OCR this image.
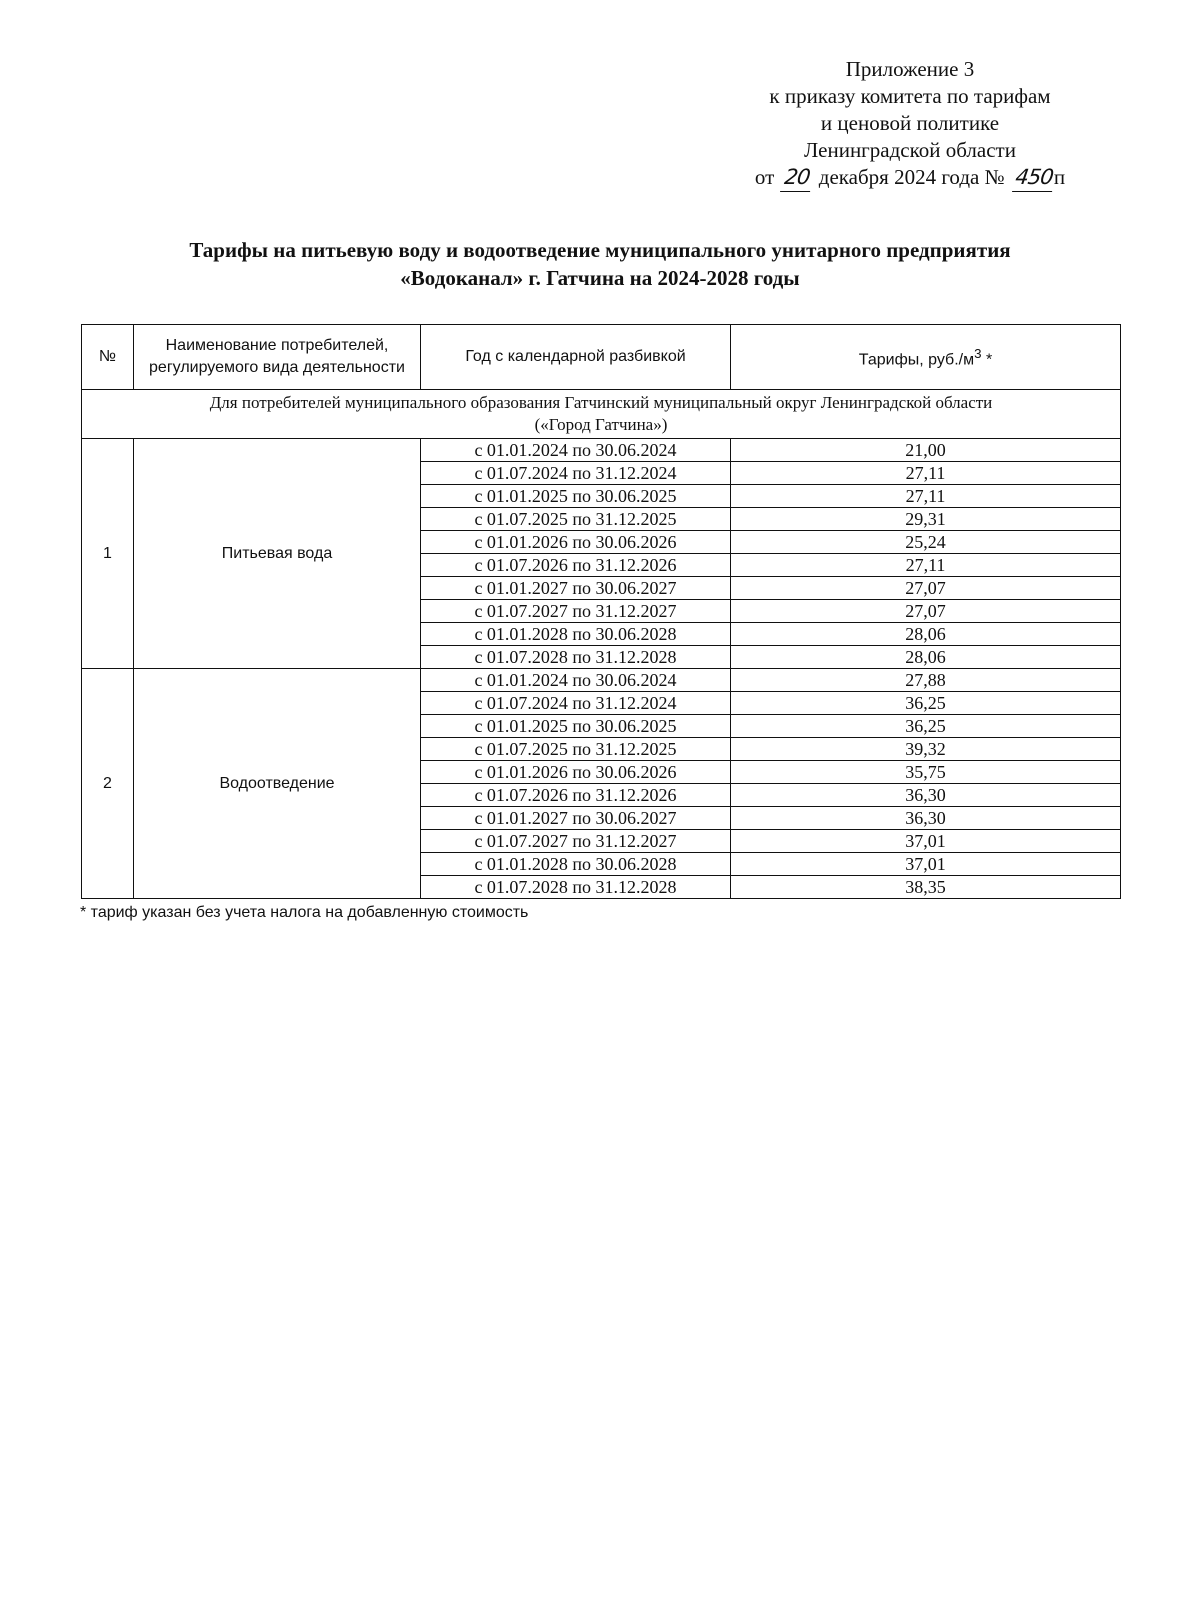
Приложение 3
к приказу комитета по тарифам
и ценовой политике
Ленинградской области
от 20 декабря 2024 года № 450п
Тарифы на питьевую воду и водоотведение муниципального унитарного предприятия
«Водоканал» г. Гатчина на 2024-2028 годы
№	Наименование потребителей, регулируемого вида деятельности	Год с календарной разбивкой	Тарифы, $руб./м^3$ *

Для потребителей муниципального образования Гатчинский муниципальный округ Ленинградской области
(«Город Гатчина»)			

1	Питьевая вода	с 01.01.2024 по 30.06.2024	21,00
		с 01.07.2024 по 31.12.2024	27,11
		с 01.01.2025 по 30.06.2025	27,11
		с 01.07.2025 по 31.12.2025	29,31
		с 01.01.2026 по 30.06.2026	25,24
		с 01.07.2026 по 31.12.2026	27,11
		с 01.01.2027 по 30.06.2027	27,07
		с 01.07.2027 по 31.12.2027	27,07
		с 01.01.2028 по 30.06.2028	28,06
		с 01.07.2028 по 31.12.2028	28,06
2	Водоотведение	с 01.01.2024 по 30.06.2024	27,88
		с 01.07.2024 по 31.12.2024	36,25
		с 01.01.2025 по 30.06.2025	36,25
		с 01.07.2025 по 31.12.2025	39,32
		с 01.01.2026 по 30.06.2026	35,75
		с 01.07.2026 по 31.12.2026	36,30
		с 01.01.2027 по 30.06.2027	36,30
		с 01.07.2027 по 31.12.2027	37,01
		с 01.01.2028 по 30.06.2028	37,01
		с 01.07.2028 по 31.12.2028	38,35
* тариф указан без учета налога на добавленную стоимость
